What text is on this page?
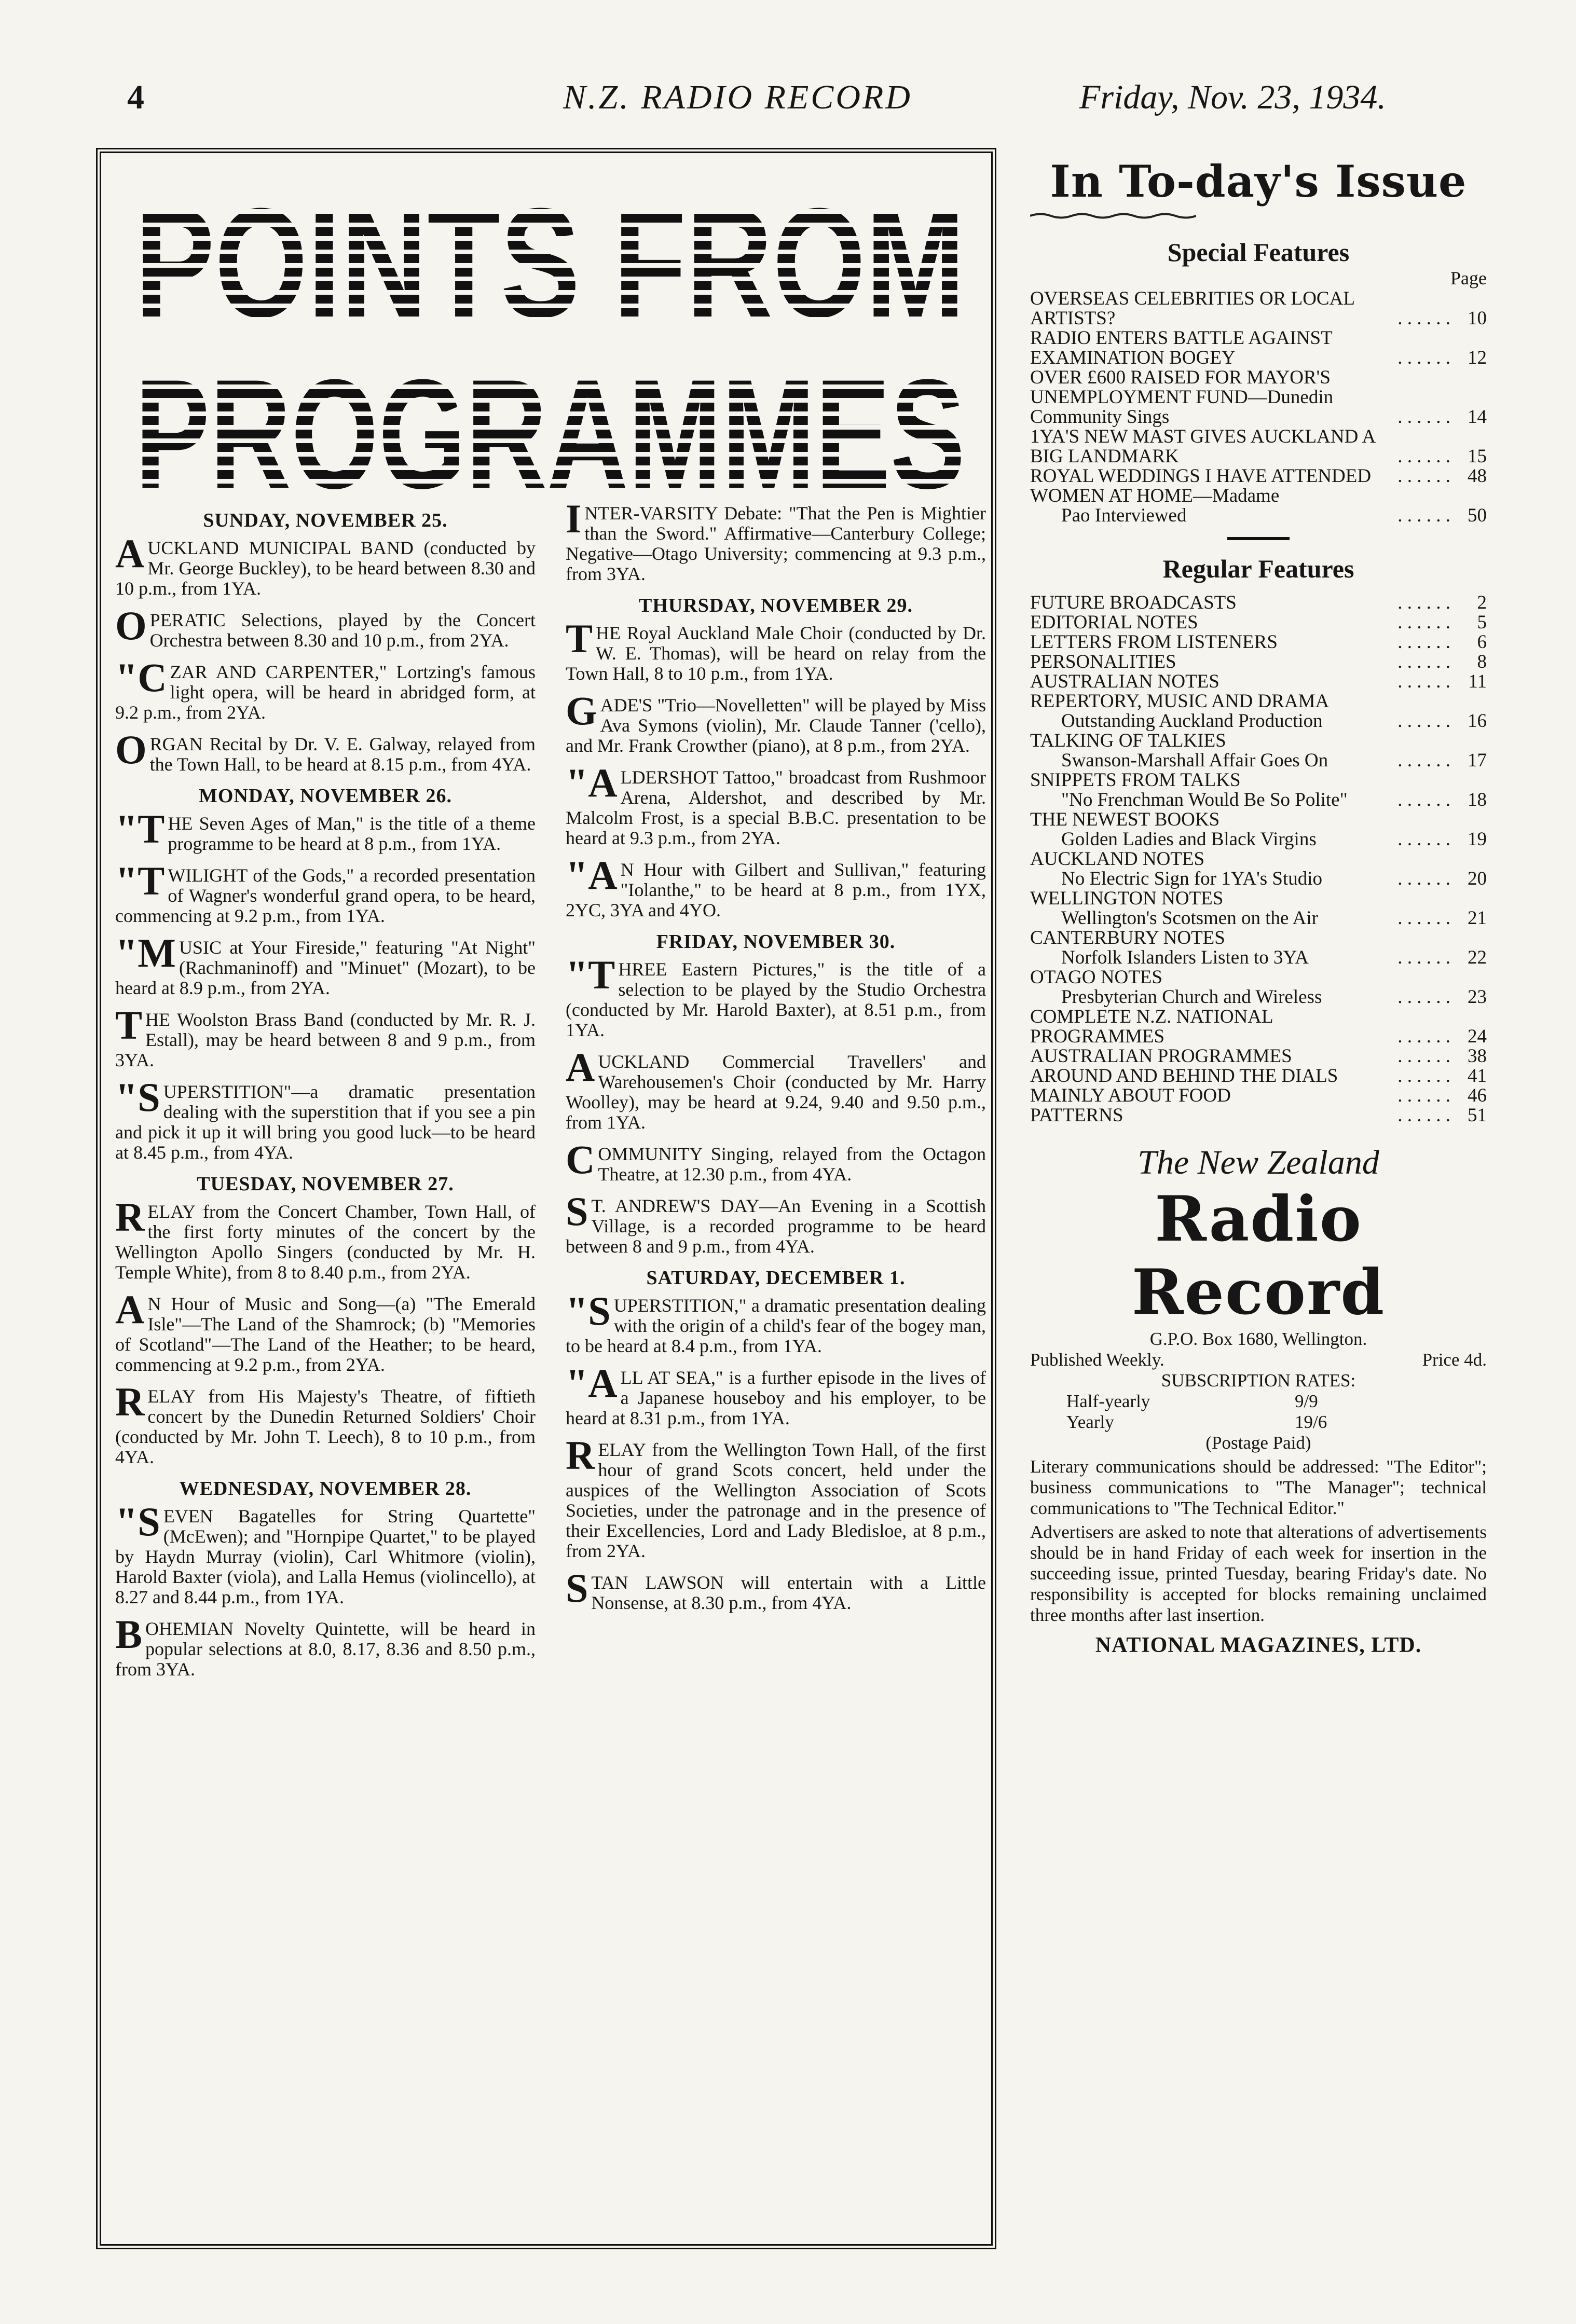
4	N.Z. RADIO RECORD	Friday, Nov. 23, 1934.
POINTS FROM
PROGRAMMES
SUNDAY, NOVEMBER 25.

AUCKLAND MUNICIPAL BAND (conducted by Mr. George Buckley), to be heard between 8.30 and 10 p.m., from 1YA.

OPERATIC Selections, played by the Concert Orchestra between 8.30 and 10 p.m., from 2YA.

"CZAR AND CARPENTER," Lortzing's famous light opera, will be heard in abridged form, at 9.2 p.m., from 2YA.

ORGAN Recital by Dr. V. E. Galway, relayed from the Town Hall, to be heard at 8.15 p.m., from 4YA.

MONDAY, NOVEMBER 26.

"THE Seven Ages of Man," is the title of a theme programme to be heard at 8 p.m., from 1YA.

"TWILIGHT of the Gods," a recorded presentation of Wagner's wonderful grand opera, to be heard, commencing at 9.2 p.m., from 1YA.

"MUSIC at Your Fireside," featuring "At Night" (Rachmaninoff) and "Minuet" (Mozart), to be heard at 8.9 p.m., from 2YA.

THE Woolston Brass Band (conducted by Mr. R. J. Estall), may be heard between 8 and 9 p.m., from 3YA.

"SUPERSTITION"—a dramatic presentation dealing with the superstition that if you see a pin and pick it up it will bring you good luck—to be heard at 8.45 p.m., from 4YA.

TUESDAY, NOVEMBER 27.

RELAY from the Concert Chamber, Town Hall, of the first forty minutes of the concert by the Wellington Apollo Singers (conducted by Mr. H. Temple White), from 8 to 8.40 p.m., from 2YA.

AN Hour of Music and Song—(a) "The Emerald Isle"—The Land of the Shamrock; (b) "Memories of Scotland"—The Land of the Heather; to be heard, commencing at 9.2 p.m., from 2YA.

RELAY from His Majesty's Theatre, of fiftieth concert by the Dunedin Returned Soldiers' Choir (conducted by Mr. John T. Leech), 8 to 10 p.m., from 4YA.

WEDNESDAY, NOVEMBER 28.

"SEVEN Bagatelles for String Quartette" (McEwen); and "Hornpipe Quartet," to be played by Haydn Murray (violin), Carl Whitmore (violin), Harold Baxter (viola), and Lalla Hemus (violincello), at 8.27 and 8.44 p.m., from 1YA.

BOHEMIAN Novelty Quintette, will be heard in popular selections at 8.0, 8.17, 8.36 and 8.50 p.m., from 3YA.

INTER-VARSITY Debate: "That the Pen is Mightier than the Sword." Affirmative—Canterbury College; Negative—Otago University; commencing at 9.3 p.m., from 3YA.

THURSDAY, NOVEMBER 29.

THE Royal Auckland Male Choir (conducted by Dr. W. E. Thomas), will be heard on relay from the Town Hall, 8 to 10 p.m., from 1YA.

GADE'S "Trio—Novelletten" will be played by Miss Ava Symons (violin), Mr. Claude Tanner ('cello), and Mr. Frank Crowther (piano), at 8 p.m., from 2YA.

"ALDERSHOT Tattoo," broadcast from Rushmoor Arena, Aldershot, and described by Mr. Malcolm Frost, is a special B.B.C. presentation to be heard at 9.3 p.m., from 2YA.

"AN Hour with Gilbert and Sullivan," featuring "Iolanthe," to be heard at 8 p.m., from 1YX, 2YC, 3YA and 4YO.

FRIDAY, NOVEMBER 30.

"THREE Eastern Pictures," is the title of a selection to be played by the Studio Orchestra (conducted by Mr. Harold Baxter), at 8.51 p.m., from 1YA.

AUCKLAND Commercial Travellers' and Warehousemen's Choir (conducted by Mr. Harry Woolley), may be heard at 9.24, 9.40 and 9.50 p.m., from 1YA.

COMMUNITY Singing, relayed from the Octagon Theatre, at 12.30 p.m., from 4YA.

ST. ANDREW'S DAY—An Evening in a Scottish Village, is a recorded programme to be heard between 8 and 9 p.m., from 4YA.

SATURDAY, DECEMBER 1.

"SUPERSTITION," a dramatic presentation dealing with the origin of a child's fear of the bogey man, to be heard at 8.4 p.m., from 1YA.

"ALL AT SEA," is a further episode in the lives of a Japanese houseboy and his employer, to be heard at 8.31 p.m., from 1YA.

RELAY from the Wellington Town Hall, of the first hour of grand Scots concert, held under the auspices of the Wellington Association of Scots Societies, under the patronage and in the presence of their Excellencies, Lord and Lady Bledisloe, at 8 p.m., from 2YA.

STAN LAWSON will entertain with a Little Nonsense, at 8.30 p.m., from 4YA.

In To-day's Issue

Special Features

Page

OVERSEAS CELEBRITIES OR LOCAL ARTISTS?	. . . . . . 10
RADIO ENTERS BATTLE AGAINST EXAMINATION BOGEY	. . . . . . 12
OVER £600 RAISED FOR MAYOR'S UNEMPLOYMENT FUND—Dunedin Community Sings	. . . . . . 14
1YA'S NEW MAST GIVES AUCKLAND A BIG LANDMARK	. . . . . . 15
ROYAL WEDDINGS I HAVE ATTENDED	. . . . . . 48
WOMEN AT HOME—Madame
Pao Interviewed	. . . . . . 50

Regular Features

FUTURE BROADCASTS	. . . . . .	2
EDITORIAL NOTES	. . . . . .	5
LETTERS FROM LISTENERS	. . . . . .	6
PERSONALITIES	. . . . . .	8
AUSTRALIAN NOTES	. . . . . . 11
REPERTORY, MUSIC AND DRAMA
Outstanding Auckland Production	. . . . . . 16
TALKING OF TALKIES
Swanson-Marshall Affair Goes On	. . . . . . 17
SNIPPETS FROM TALKS
"No Frenchman Would Be So Polite"	. . . . . . 18
THE NEWEST BOOKS
Golden Ladies and Black Virgins	. . . . . . 19
AUCKLAND NOTES
No Electric Sign for 1YA's Studio	. . . . . . 20
WELLINGTON NOTES
Wellington's Scotsmen on the Air	. . . . . . 21
CANTERBURY NOTES
Norfolk Islanders Listen to 3YA	. . . . . . 22
OTAGO NOTES
Presbyterian Church and Wireless	. . . . . . 23
COMPLETE N.Z. NATIONAL PROGRAMMES	. . . . . . 24
AUSTRALIAN PROGRAMMES	. . . . . . 38
AROUND AND BEHIND THE DIALS	. . . . . . 41
MAINLY ABOUT FOOD	. . . . . . 46
PATTERNS	. . . . . . 51

The New Zealand

Radio Record

G.P.O. Box 1680, Wellington.

Published Weekly.	Price 4d.

SUBSCRIPTION RATES:

Half-yearly	9/9
Yearly	19/6

(Postage Paid)

Literary communications should be addressed: "The Editor"; business communications to "The Manager"; technical communications to "The Technical Editor."

Advertisers are asked to note that alterations of advertisements should be in hand Friday of each week for insertion in the succeeding issue, printed Tuesday, bearing Friday's date. No responsibility is accepted for blocks remaining unclaimed three months after last insertion.

NATIONAL MAGAZINES, LTD.
